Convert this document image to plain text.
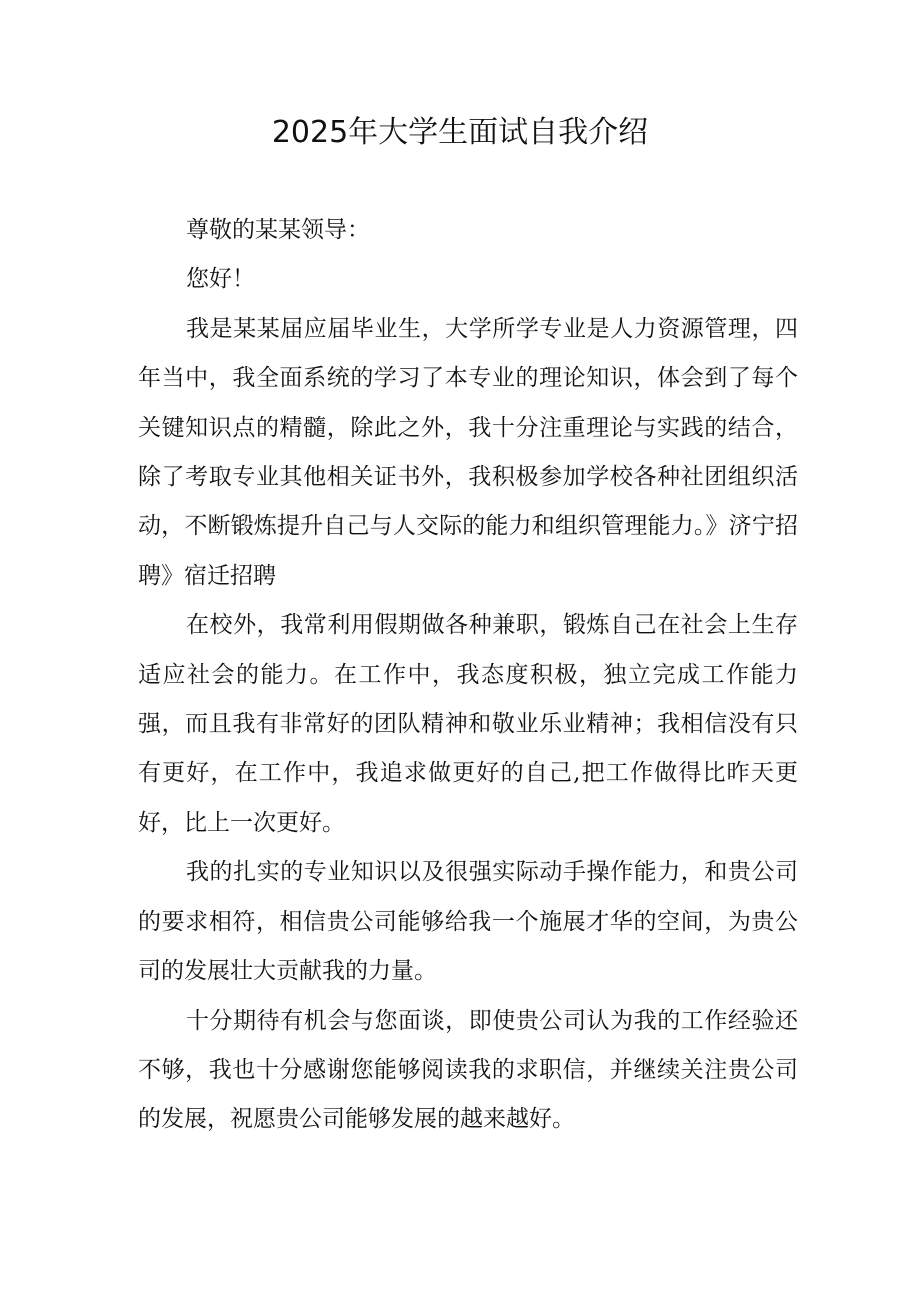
2025年大学生面试自我介绍

尊敬的某某领导：

您好！

我是某某届应届毕业生，大学所学专业是人力资源管理，四年当中，我全面系统的学习了本专业的理论知识，体会到了每个关键知识点的精髓，除此之外，我十分注重理论与实践的结合，除了考取专业其他相关证书外，我积极参加学校各种社团组织活动，不断锻炼提升自己与人交际的能力和组织管理能力。》济宁招聘》宿迁招聘

在校外，我常利用假期做各种兼职，锻炼自己在社会上生存适应社会的能力。在工作中，我态度积极，独立完成工作能力强，而且我有非常好的团队精神和敬业乐业精神；我相信没有只有更好，在工作中，我追求做更好的自己,把工作做得比昨天更好，比上一次更好。

我的扎实的专业知识以及很强实际动手操作能力，和贵公司的要求相符，相信贵公司能够给我一个施展才华的空间，为贵公司的发展壮大贡献我的力量。

十分期待有机会与您面谈，即使贵公司认为我的工作经验还不够，我也十分感谢您能够阅读我的求职信，并继续关注贵公司的发展，祝愿贵公司能够发展的越来越好。
